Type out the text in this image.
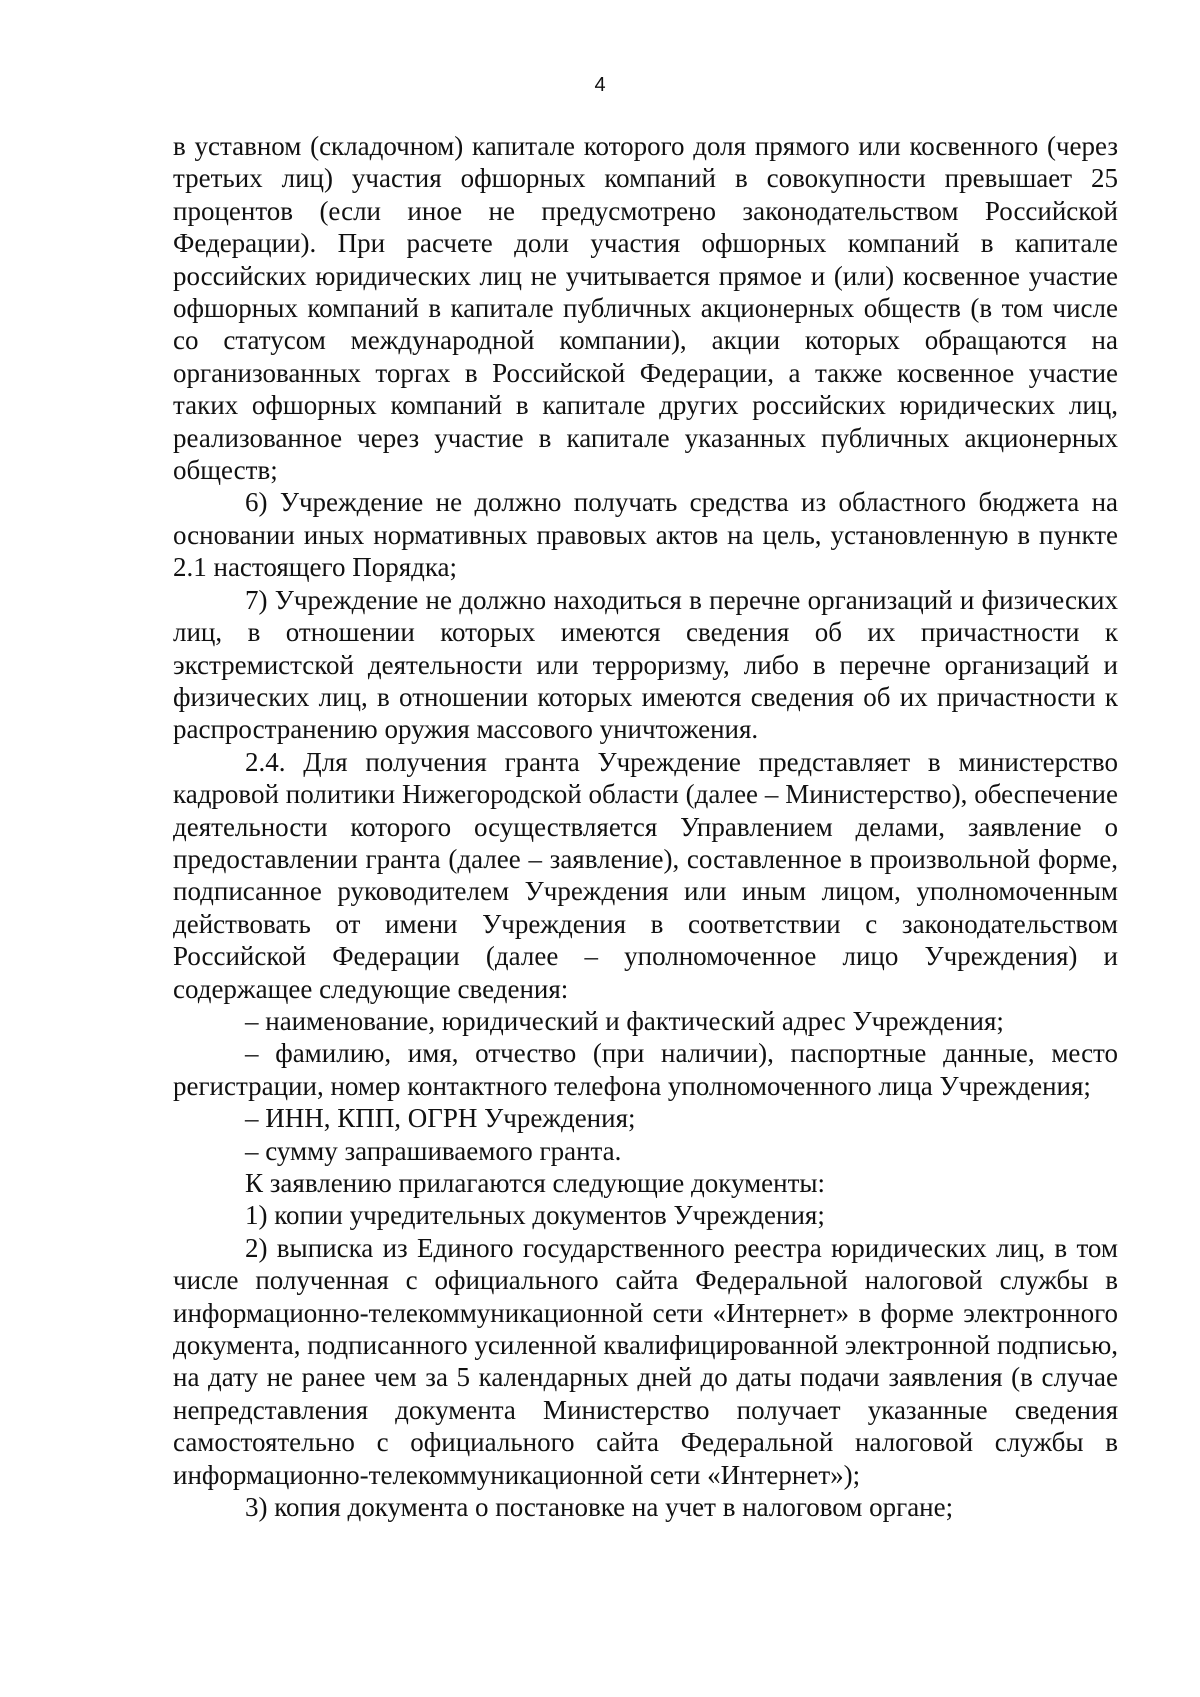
4

в уставном (складочном) капитале которого доля прямого или косвенного (через третьих лиц) участия офшорных компаний в совокупности превышает 25 процентов (если иное не предусмотрено законодательством Российской Федерации). При расчете доли участия офшорных компаний в капитале российских юридических лиц не учитывается прямое и (или) косвенное участие офшорных компаний в капитале публичных акционерных обществ (в том числе со статусом международной компании), акции которых обращаются на организованных торгах в Российской Федерации, а также косвенное участие таких офшорных компаний в капитале других российских юридических лиц, реализованное через участие в капитале указанных публичных акционерных обществ;

6) Учреждение не должно получать средства из областного бюджета на основании иных нормативных правовых актов на цель, установленную в пункте 2.1 настоящего Порядка;

7) Учреждение не должно находиться в перечне организаций и физических лиц, в отношении которых имеются сведения об их причастности к экстремистской деятельности или терроризму, либо в перечне организаций и физических лиц, в отношении которых имеются сведения об их причастности к распространению оружия массового уничтожения.

2.4. Для получения гранта Учреждение представляет в министерство кадровой политики Нижегородской области (далее – Министерство), обеспечение деятельности которого осуществляется Управлением делами, заявление о предоставлении гранта (далее – заявление), составленное в произвольной форме, подписанное руководителем Учреждения или иным лицом, уполномоченным действовать от имени Учреждения в соответствии с законодательством Российской Федерации (далее – уполномоченное лицо Учреждения) и содержащее следующие сведения:

– наименование, юридический и фактический адрес Учреждения;

– фамилию, имя, отчество (при наличии), паспортные данные, место регистрации, номер контактного телефона уполномоченного лица Учреждения;

– ИНН, КПП, ОГРН Учреждения;

– сумму запрашиваемого гранта.

К заявлению прилагаются следующие документы:

1) копии учредительных документов Учреждения;

2) выписка из Единого государственного реестра юридических лиц, в том числе полученная с официального сайта Федеральной налоговой службы в информационно-телекоммуникационной сети «Интернет» в форме электронного документа, подписанного усиленной квалифицированной электронной подписью, на дату не ранее чем за 5 календарных дней до даты подачи заявления (в случае непредставления документа Министерство получает указанные сведения самостоятельно с официального сайта Федеральной налоговой службы в информационно-телекоммуникационной сети «Интернет»);

3) копия документа о постановке на учет в налоговом органе;
